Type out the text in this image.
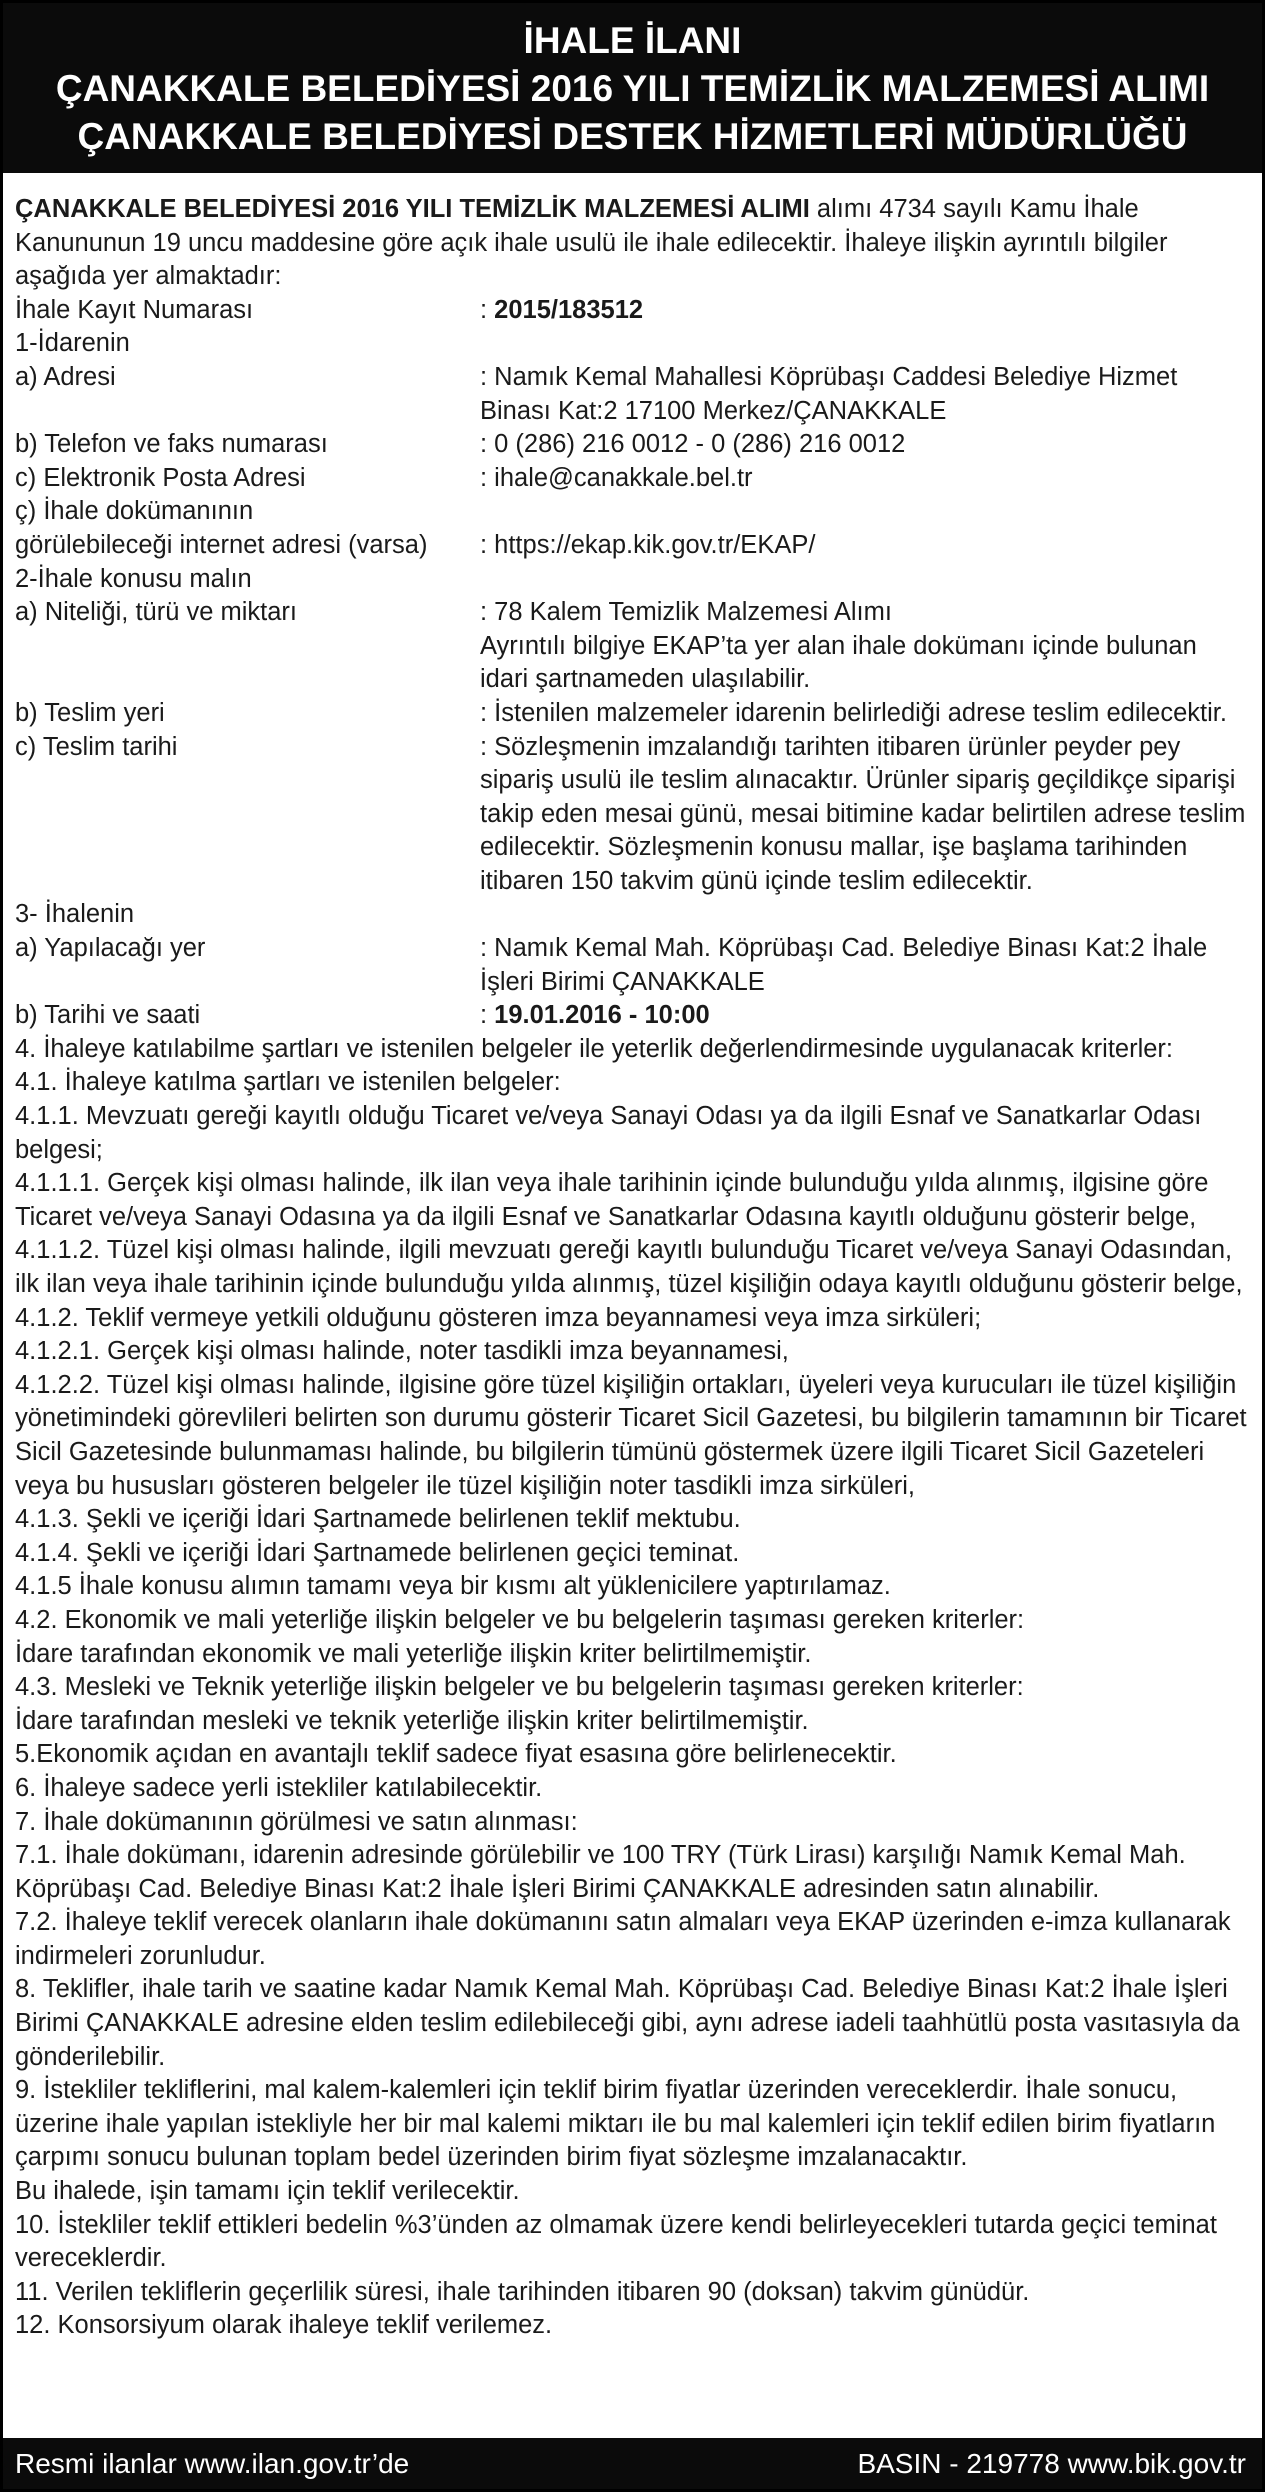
İHALE İLANI
ÇANAKKALE BELEDİYESİ 2016 YILI TEMİZLİK MALZEMESİ ALIMI
ÇANAKKALE BELEDİYESİ DESTEK HİZMETLERİ MÜDÜRLÜĞÜ

ÇANAKKALE BELEDİYESİ 2016 YILI TEMİZLİK MALZEMESİ ALIMI alımı 4734 sayılı Kamu İhale Kanununun 19 uncu maddesine göre açık ihale usulü ile ihale edilecektir. İhaleye ilişkin ayrıntılı bilgiler aşağıda yer almaktadır:

İhale Kayıt Numarası	: 2015/183512
1-İdarenin
a) Adresi	: Namık Kemal Mahallesi Köprübaşı Caddesi Belediye Hizmet Binası Kat:2 17100 Merkez/ÇANAKKALE
b) Telefon ve faks numarası	: 0 (286) 216 0012 - 0 (286) 216 0012
c) Elektronik Posta Adresi	: ihale@canakkale.bel.tr
ç) İhale dokümanının
görülebileceği internet adresi (varsa)	: https://ekap.kik.gov.tr/EKAP/
2-İhale konusu malın
a) Niteliği, türü ve miktarı	: 78 Kalem Temizlik Malzemesi Alımı
Ayrıntılı bilgiye EKAP’ta yer alan ihale dokümanı içinde bulunan idari şartnameden ulaşılabilir.
b) Teslim yeri	: İstenilen malzemeler idarenin belirlediği adrese teslim edilecektir.
c) Teslim tarihi	: Sözleşmenin imzalandığı tarihten itibaren ürünler peyder pey sipariş usulü ile teslim alınacaktır. Ürünler sipariş geçildikçe siparişi takip eden mesai günü, mesai bitimine kadar belirtilen adrese teslim edilecektir. Sözleşmenin konusu mallar, işe başlama tarihinden itibaren 150 takvim günü içinde teslim edilecektir.
3- İhalenin
a) Yapılacağı yer	: Namık Kemal Mah. Köprübaşı Cad. Belediye Binası Kat:2 İhale İşleri Birimi ÇANAKKALE
b) Tarihi ve saati	: 19.01.2016 - 10:00

4. İhaleye katılabilme şartları ve istenilen belgeler ile yeterlik değerlendirmesinde uygulanacak kriterler:

4.1. İhaleye katılma şartları ve istenilen belgeler:

4.1.1. Mevzuatı gereği kayıtlı olduğu Ticaret ve/veya Sanayi Odası ya da ilgili Esnaf ve Sanatkarlar Odası belgesi;

4.1.1.1. Gerçek kişi olması halinde, ilk ilan veya ihale tarihinin içinde bulunduğu yılda alınmış, ilgisine göre Ticaret ve/veya Sanayi Odasına ya da ilgili Esnaf ve Sanatkarlar Odasına kayıtlı olduğunu gösterir belge,

4.1.1.2. Tüzel kişi olması halinde, ilgili mevzuatı gereği kayıtlı bulunduğu Ticaret ve/veya Sanayi Odasından, ilk ilan veya ihale tarihinin içinde bulunduğu yılda alınmış, tüzel kişiliğin odaya kayıtlı olduğunu gösterir belge,

4.1.2. Teklif vermeye yetkili olduğunu gösteren imza beyannamesi veya imza sirküleri;

4.1.2.1. Gerçek kişi olması halinde, noter tasdikli imza beyannamesi,

4.1.2.2. Tüzel kişi olması halinde, ilgisine göre tüzel kişiliğin ortakları, üyeleri veya kurucuları ile tüzel kişiliğin yönetimindeki görevlileri belirten son durumu gösterir Ticaret Sicil Gazetesi, bu bilgilerin tamamının bir Ticaret Sicil Gazetesinde bulunmaması halinde, bu bilgilerin tümünü göstermek üzere ilgili Ticaret Sicil Gazeteleri veya bu hususları gösteren belgeler ile tüzel kişiliğin noter tasdikli imza sirküleri,

4.1.3. Şekli ve içeriği İdari Şartnamede belirlenen teklif mektubu.

4.1.4. Şekli ve içeriği İdari Şartnamede belirlenen geçici teminat.

4.1.5 İhale konusu alımın tamamı veya bir kısmı alt yüklenicilere yaptırılamaz.

4.2. Ekonomik ve mali yeterliğe ilişkin belgeler ve bu belgelerin taşıması gereken kriterler:

İdare tarafından ekonomik ve mali yeterliğe ilişkin kriter belirtilmemiştir.

4.3. Mesleki ve Teknik yeterliğe ilişkin belgeler ve bu belgelerin taşıması gereken kriterler:

İdare tarafından mesleki ve teknik yeterliğe ilişkin kriter belirtilmemiştir.

5.Ekonomik açıdan en avantajlı teklif sadece fiyat esasına göre belirlenecektir.

6. İhaleye sadece yerli istekliler katılabilecektir.

7. İhale dokümanının görülmesi ve satın alınması:

7.1. İhale dokümanı, idarenin adresinde görülebilir ve 100 TRY (Türk Lirası) karşılığı Namık Kemal Mah. Köprübaşı Cad. Belediye Binası Kat:2 İhale İşleri Birimi ÇANAKKALE adresinden satın alınabilir.

7.2. İhaleye teklif verecek olanların ihale dokümanını satın almaları veya EKAP üzerinden e-imza kullanarak indirmeleri zorunludur.

8. Teklifler, ihale tarih ve saatine kadar Namık Kemal Mah. Köprübaşı Cad. Belediye Binası Kat:2 İhale İşleri Birimi ÇANAKKALE adresine elden teslim edilebileceği gibi, aynı adrese iadeli taahhütlü posta vasıtasıyla da gönderilebilir.

9. İstekliler tekliflerini, mal kalem-kalemleri için teklif birim fiyatlar üzerinden vereceklerdir. İhale sonucu, üzerine ihale yapılan istekliyle her bir mal kalemi miktarı ile bu mal kalemleri için teklif edilen birim fiyatların çarpımı sonucu bulunan toplam bedel üzerinden birim fiyat sözleşme imzalanacaktır.

Bu ihalede, işin tamamı için teklif verilecektir.

10. İstekliler teklif ettikleri bedelin %3’ünden az olmamak üzere kendi belirleyecekleri tutarda geçici teminat vereceklerdir.

11. Verilen tekliflerin geçerlilik süresi, ihale tarihinden itibaren 90 (doksan) takvim günüdür.

12. Konsorsiyum olarak ihaleye teklif verilemez.

Resmi ilanlar www.ilan.gov.tr’de	BASIN - 219778 www.bik.gov.tr
